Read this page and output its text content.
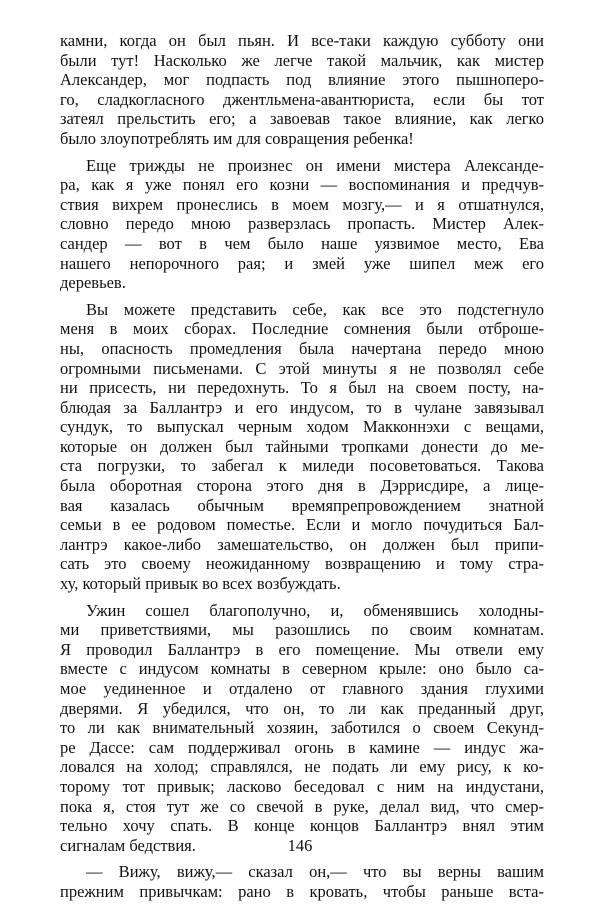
камни, когда он был пьян. И все-таки каждую субботу они
были тут! Насколько же легче такой мальчик, как мистер
Александер, мог подпасть под влияние этого пышноперо-
го, сладкогласного джентльмена-авантюриста, если бы тот
затеял прельстить его; а завоевав такое влияние, как легко
было злоупотреблять им для совращения ребенка!
Еще трижды не произнес он имени мистера Александе-
ра, как я уже понял его козни — воспоминания и предчув-
ствия вихрем пронеслись в моем мозгу,— и я отшатнулся,
словно передо мною разверзлась пропасть. Мистер Алек-
сандер — вот в чем было наше уязвимое место, Ева
нашего непорочного рая; и змей уже шипел меж его
деревьев.
Вы можете представить себе, как все это подстегнуло
меня в моих сборах. Последние сомнения были отброше-
ны, опасность промедления была начертана передо мною
огромными письменами. С этой минуты я не позволял себе
ни присесть, ни передохнуть. То я был на своем посту, на-
блюдая за Баллантрэ и его индусом, то в чулане завязывал
сундук, то выпускал черным ходом Макконнэхи с вещами,
которые он должен был тайными тропками донести до ме-
ста погрузки, то забегал к миледи посоветоваться. Такова
была оборотная сторона этого дня в Дэррисдире, а лице-
вая казалась обычным времяпрепровождением знатной
семьи в ее родовом поместье. Если и могло почудиться Бал-
лантрэ какое-либо замешательство, он должен был припи-
сать это своему неожиданному возвращению и тому стра-
ху, который привык во всех возбуждать.
Ужин сошел благополучно, и, обменявшись холодны-
ми приветствиями, мы разошлись по своим комнатам.
Я проводил Баллантрэ в его помещение. Мы отвели ему
вместе с индусом комнаты в северном крыле: оно было са-
мое уединенное и отдалено от главного здания глухими
дверями. Я убедился, что он, то ли как преданный друг,
то ли как внимательный хозяин, заботился о своем Секунд-
ре Дассе: сам поддерживал огонь в камине — индус жа-
ловался на холод; справлялся, не подать ли ему рису, к ко-
торому тот привык; ласково беседовал с ним на индустани,
пока я, стоя тут же со свечой в руке, делал вид, что смер-
тельно хочу спать. В конце концов Баллантрэ внял этим
сигналам бедствия.
— Вижу, вижу,— сказал он,— что вы верны вашим
прежним привычкам: рано в кровать, чтобы раньше вста-
146
